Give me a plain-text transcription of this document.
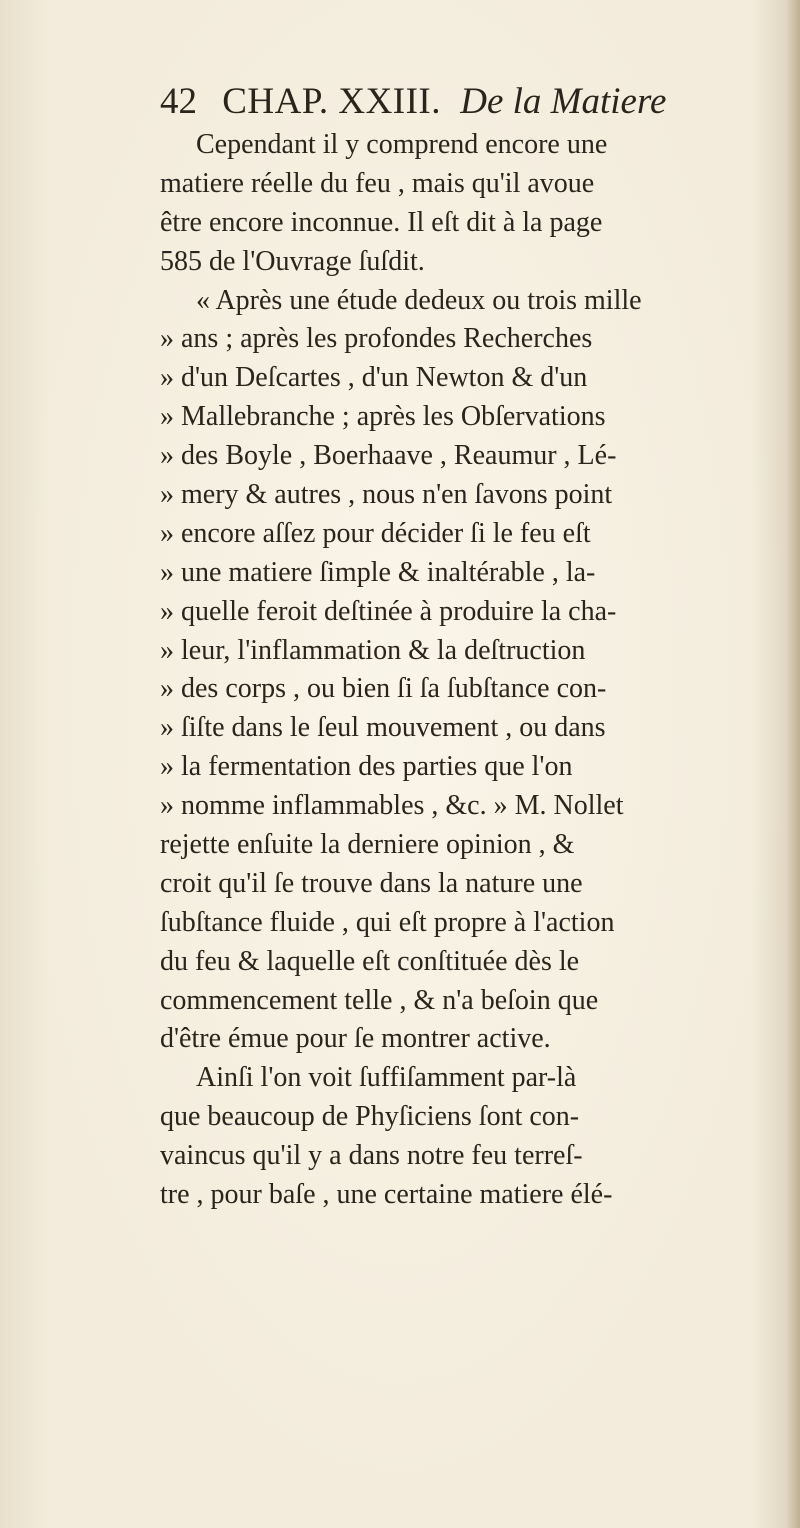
42 CHAP. XXIII. De la Matiere
Cependant il y comprend encore une
matiere réelle du feu , mais qu'il avoue
être encore inconnue. Il eſt dit à la page
585 de l'Ouvrage ſuſdit.
« Après une étude dedeux ou trois mille
» ans ; après les profondes Recherches
» d'un Deſcartes , d'un Newton & d'un
» Mallebranche ; après les Obſervations
» des Boyle , Boerhaave , Reaumur , Lé-
» mery & autres , nous n'en ſavons point
» encore aſſez pour décider ſi le feu eſt
» une matiere ſimple & inaltérable , la-
» quelle feroit deſtinée à produire la cha-
» leur, l'inflammation & la deſtruction
» des corps , ou bien ſi ſa ſubſtance con-
» ſiſte dans le ſeul mouvement , ou dans
» la fermentation des parties que l'on
» nomme inflammables , &c. » M. Nollet
rejette enſuite la derniere opinion , &
croit qu'il ſe trouve dans la nature une
ſubſtance fluide , qui eſt propre à l'action
du feu & laquelle eſt conſtituée dès le
commencement telle , & n'a beſoin que
d'être émue pour ſe montrer active.
Ainſi l'on voit ſuffiſamment par-là
que beaucoup de Phyſiciens ſont con-
vaincus qu'il y a dans notre feu terreſ-
tre , pour baſe , une certaine matiere élé-
